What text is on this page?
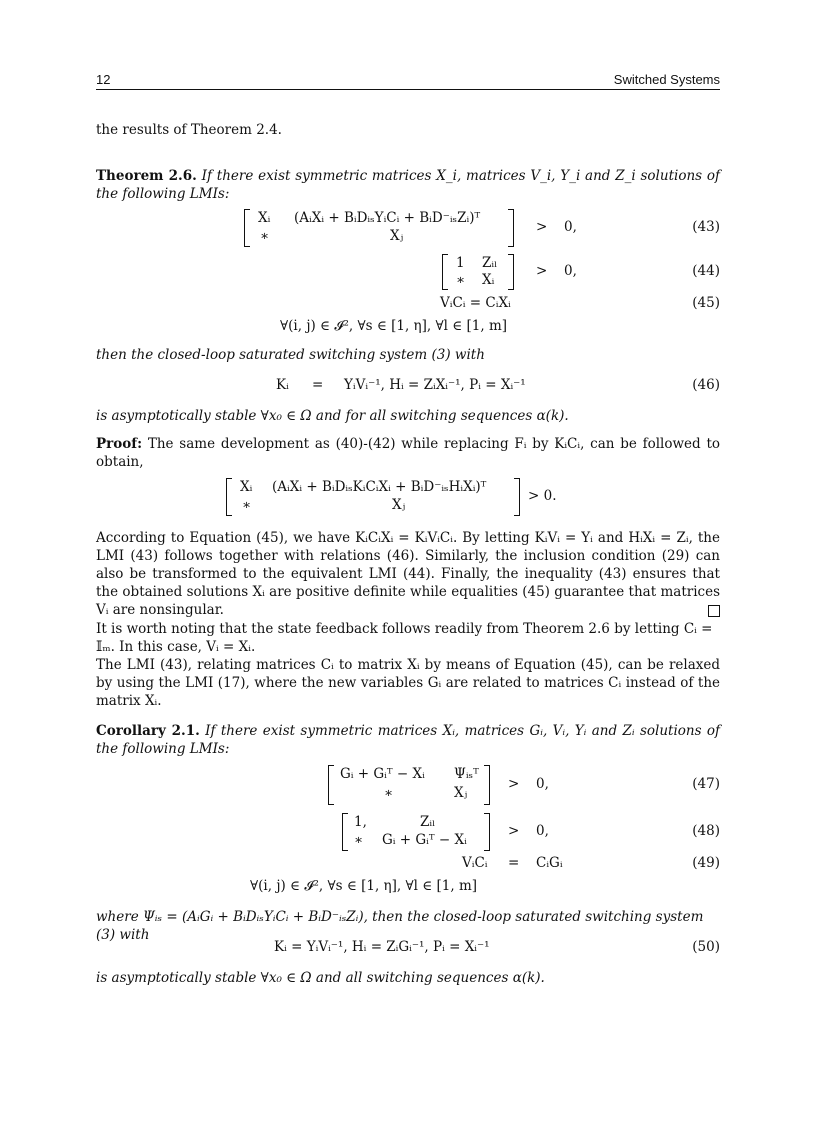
12	Switched Systems
the results of Theorem 2.4.
Theorem 2.6. If there exist symmetric matrices X_i, matrices V_i, Y_i and Z_i solutions of the following LMIs:
Xᵢ (AᵢXᵢ + BᵢDᵢₛYᵢCᵢ + BᵢD⁻ᵢₛZᵢ)ᵀ
∗	Xⱼ
> 0,	(43)
1 Zᵢₗ
∗ Xᵢ
> 0,	(44)
VᵢCᵢ = CᵢXᵢ	(45)
∀(i, j) ∈ 𝓘², ∀s ∈ [1, η], ∀l ∈ [1, m]
then the closed-loop saturated switching system (3) with
Kᵢ = YᵢVᵢ⁻¹, Hᵢ = ZᵢXᵢ⁻¹, Pᵢ = Xᵢ⁻¹	(46)
is asymptotically stable ∀x₀ ∈ Ω and for all switching sequences α(k).
Proof: The same development as (40)-(42) while replacing Fᵢ by KᵢCᵢ, can be followed to obtain,
Xᵢ (AᵢXᵢ + BᵢDᵢₛKᵢCᵢXᵢ + BᵢD⁻ᵢₛHᵢXᵢ)ᵀ
∗	Xⱼ
> 0.
According to Equation (45), we have KᵢCᵢXᵢ = KᵢVᵢCᵢ. By letting KᵢVᵢ = Yᵢ and HᵢXᵢ = Zᵢ, the LMI (43) follows together with relations (46). Similarly, the inclusion condition (29) can also be transformed to the equivalent LMI (44). Finally, the inequality (43) ensures that the obtained solutions Xᵢ are positive definite while equalities (45) guarantee that matrices Vᵢ are nonsingular.
It is worth noting that the state feedback follows readily from Theorem 2.6 by letting Cᵢ = 𝕀ₘ. In this case, Vᵢ = Xᵢ.
The LMI (43), relating matrices Cᵢ to matrix Xᵢ by means of Equation (45), can be relaxed by using the LMI (17), where the new variables Gᵢ are related to matrices Cᵢ instead of the matrix Xᵢ.
Corollary 2.1. If there exist symmetric matrices Xᵢ, matrices Gᵢ, Vᵢ, Yᵢ and Zᵢ solutions of the following LMIs:
Gᵢ + Gᵢᵀ − Xᵢ Ψᵢₛᵀ
∗	Xⱼ
> 0,	(47)
1,	Zᵢₗ
∗ Gᵢ + Gᵢᵀ − Xᵢ
> 0,	(48)
VᵢCᵢ = CᵢGᵢ	(49)
∀(i, j) ∈ 𝓘², ∀s ∈ [1, η], ∀l ∈ [1, m]
where Ψᵢₛ = (AᵢGᵢ + BᵢDᵢₛYᵢCᵢ + BᵢD⁻ᵢₛZᵢ), then the closed-loop saturated switching system (3) with
Kᵢ = YᵢVᵢ⁻¹, Hᵢ = ZᵢGᵢ⁻¹, Pᵢ = Xᵢ⁻¹	(50)
is asymptotically stable ∀x₀ ∈ Ω and all switching sequences α(k).
